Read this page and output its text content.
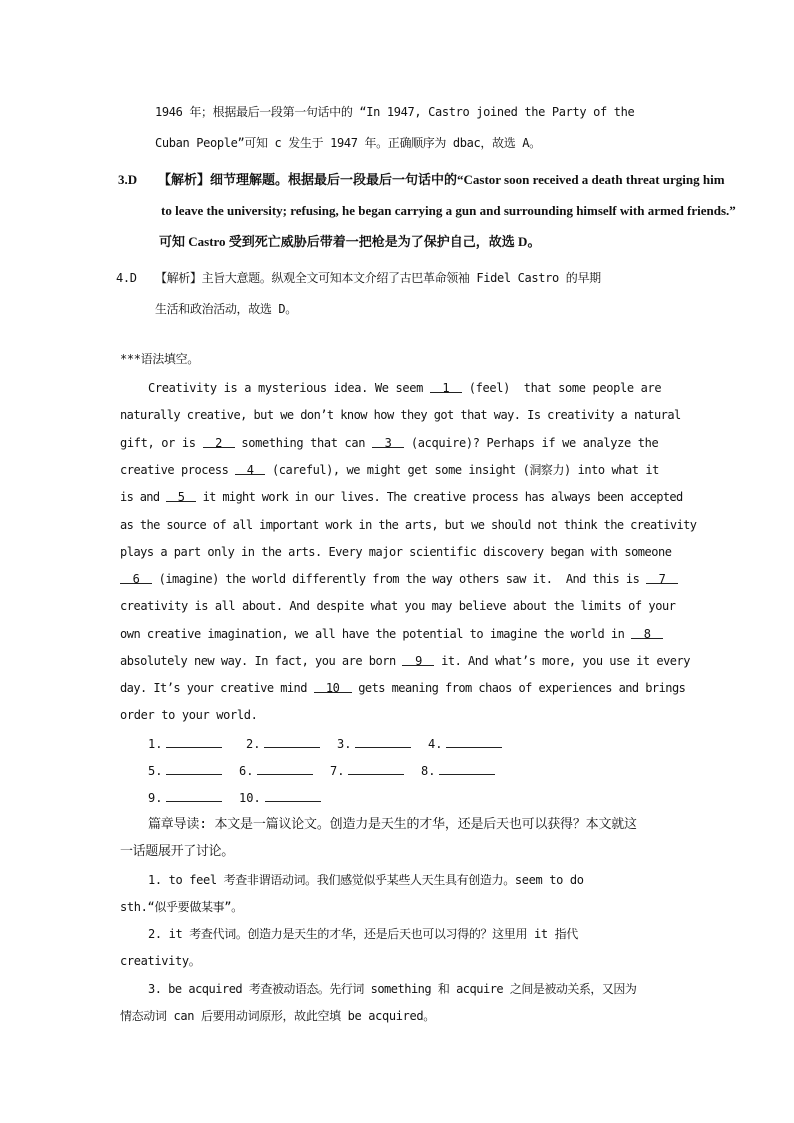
1946 年；根据最后一段第一句话中的 “In 1947, Castro joined the Party of the
Cuban People”可知 c 发生于 1947 年。正确顺序为 dbac，故选 A。
3.D 【解析】细节理解题。根据最后一段最后一句话中的“Castor soon received a death threat urging him
to leave the university; refusing, he began carrying a gun and surrounding himself with armed friends.”
可知 Castro 受到死亡威胁后带着一把枪是为了保护自己，故选 D。
4.D 【解析】主旨大意题。纵观全文可知本文介绍了古巴革命领袖 Fidel Castro 的早期
生活和政治活动，故选 D。
***语法填空。
Creativity is a mysterious idea. We seem 1 (feel)  that some people are
naturally creative, but we don’t know how they got that way. Is creativity a natural
gift, or is 2 something that can 3 (acquire)? Perhaps if we analyze the
creative process 4 (careful), we might get some insight (洞察力) into what it
is and 5 it might work in our lives. The creative process has always been accepted
as the source of all important work in the arts, but we should not think the creativity
plays a part only in the arts. Every major scientific discovery began with someone
6 (imagine) the world differently from the way others saw it.  And this is 7
creativity is all about. And despite what you may believe about the limits of your
own creative imagination, we all have the potential to imagine the world in 8
absolutely new way. In fact, you are born 9 it. And what’s more, you use it every
day. It’s your creative mind 10 gets meaning from chaos of experiences and brings
order to your world.
1.	2.	3.	4.
5.	6.	7.	8.
9.	10.
篇章导读: 本文是一篇议论文。创造力是天生的才华，还是后天也可以获得？本文就这
一话题展开了讨论。
1. to feel 考查非谓语动词。我们感觉似乎某些人天生具有创造力。seem to do
sth.“似乎要做某事”。
2. it 考查代词。创造力是天生的才华，还是后天也可以习得的？这里用 it 指代
creativity。
3. be acquired 考查被动语态。先行词 something 和 acquire 之间是被动关系，又因为
情态动词 can 后要用动词原形，故此空填 be acquired。
